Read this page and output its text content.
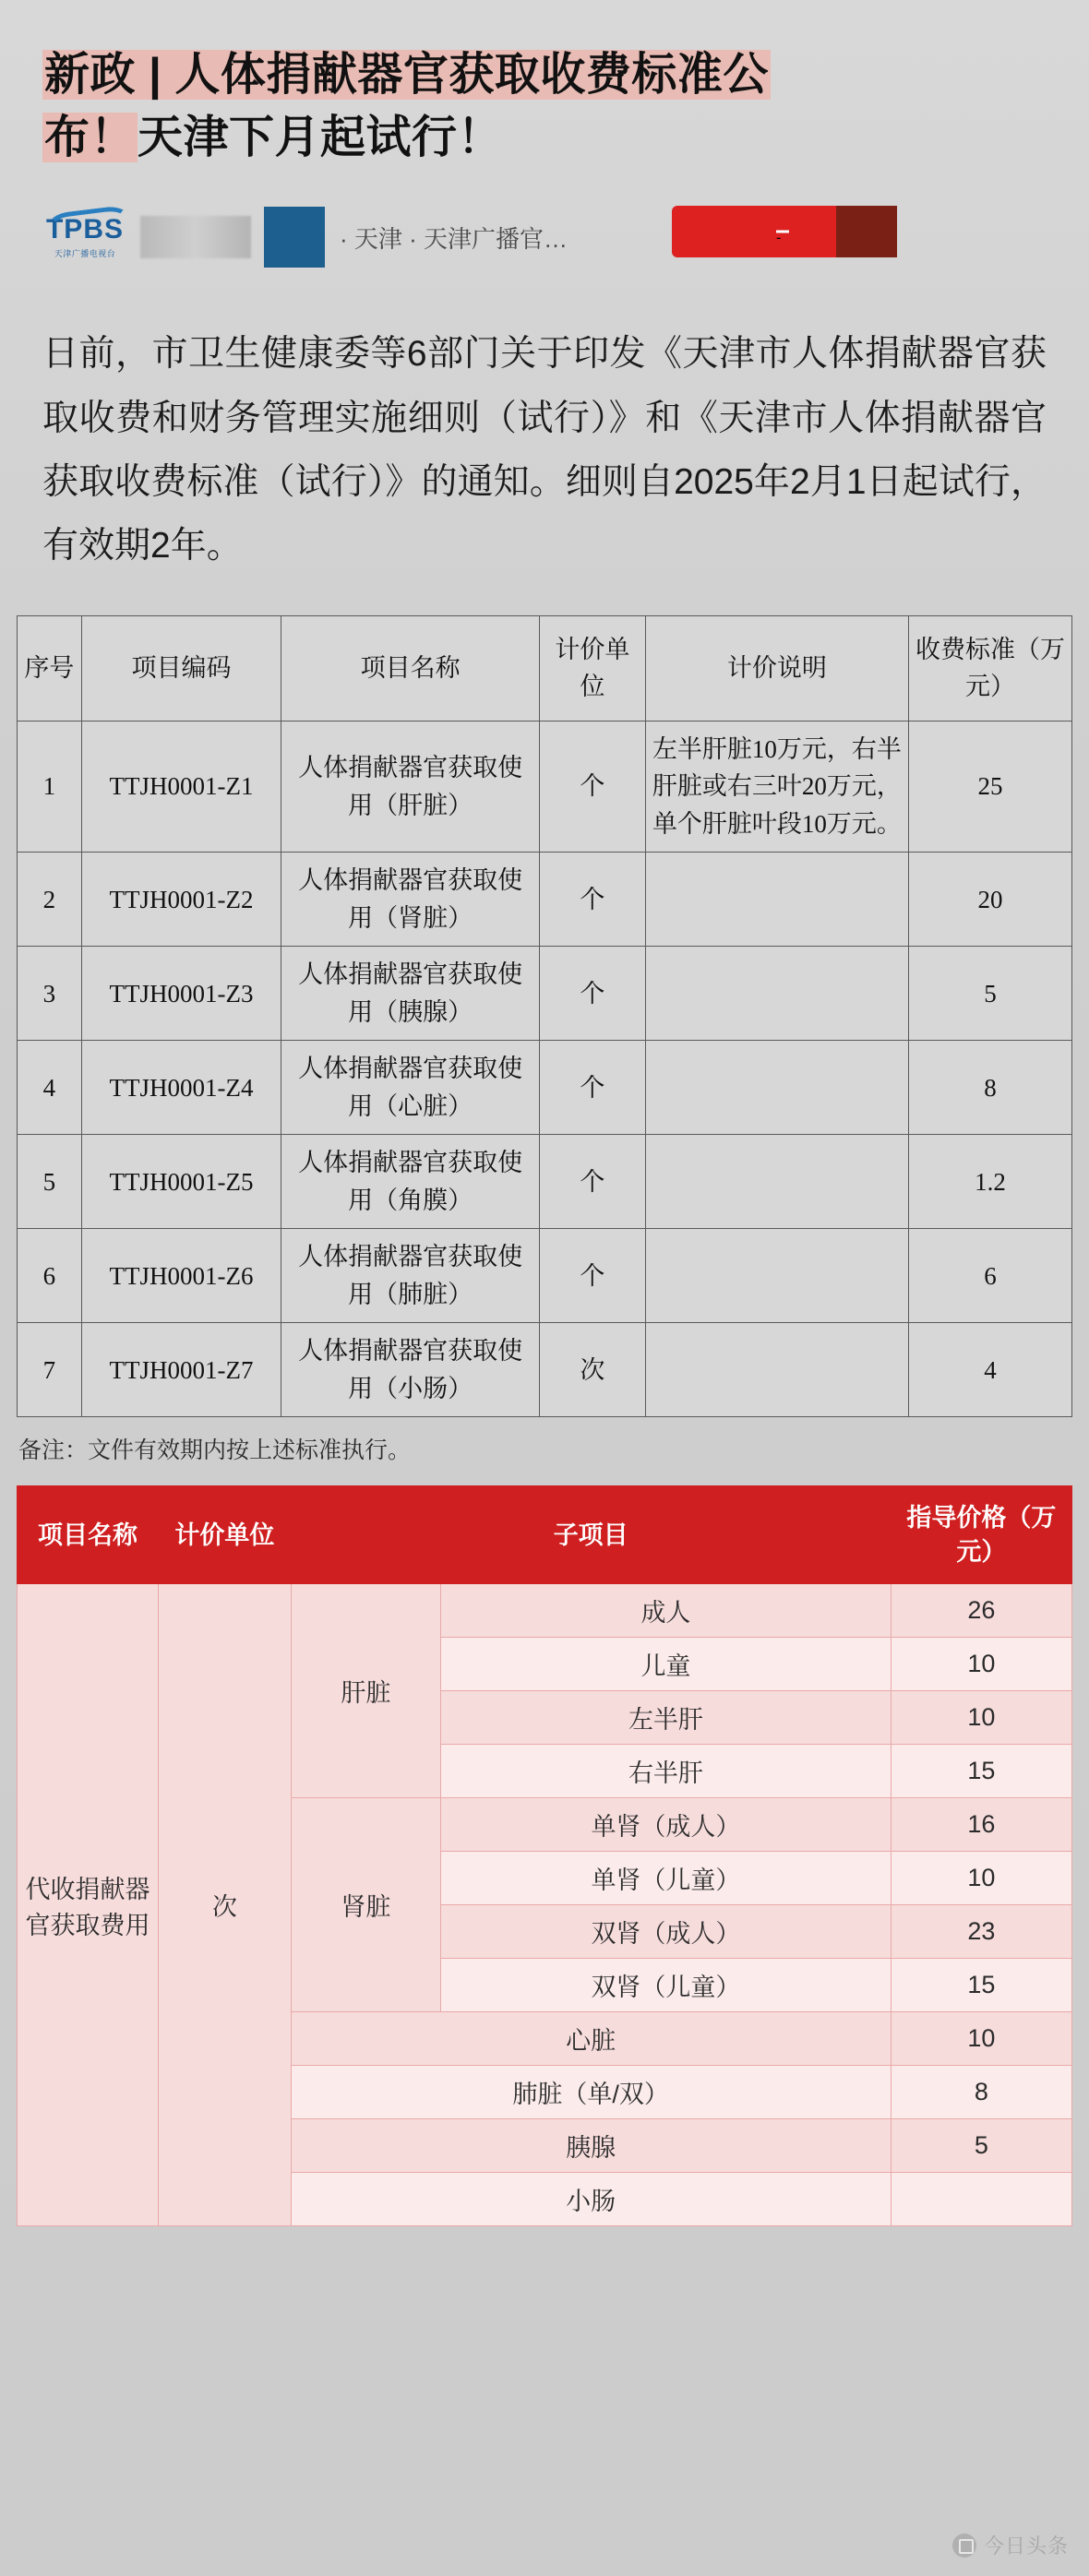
新政 | 人体捐献器官获取收费标准公
布！天津下月起试行！
TPBS
天津广播电视台
· 天津 · 天津广播官…	-
日前，市卫生健康委等6部门关于印发《天津市人体捐献器官获取收费和财务管理实施细则（试行）》和《天津市人体捐献器官获取收费标准（试行）》的通知。细则自2025年2月1日起试行，有效期2年。
序号	项目编码	项目名称	计价单位	计价说明	收费标准（万元）
1	TTJH0001-Z1	人体捐献器官获取使用（肝脏）	个	左半肝脏10万元，右半肝脏或右三叶20万元，单个肝脏叶段10万元。	25
2	TTJH0001-Z2	人体捐献器官获取使用（肾脏）	个		20
3	TTJH0001-Z3	人体捐献器官获取使用（胰腺）	个		5
4	TTJH0001-Z4	人体捐献器官获取使用（心脏）	个		8
5	TTJH0001-Z5	人体捐献器官获取使用（角膜）	个		1.2
6	TTJH0001-Z6	人体捐献器官获取使用（肺脏）	个		6
7	TTJH0001-Z7	人体捐献器官获取使用（小肠）	次		4
备注：文件有效期内按上述标准执行。
项目名称	计价单位	子项目		指导价格（万元）
代收捐献器官获取费用	次	肝脏	成人	26
			儿童	10
			左半肝	10
			右半肝	15
		肾脏	单肾（成人）	16
			单肾（儿童）	10
			双肾（成人）	23
			双肾（儿童）	15
		心脏		10
		肺脏（单/双）		8
		胰腺		5
		小肠		
今日头条
